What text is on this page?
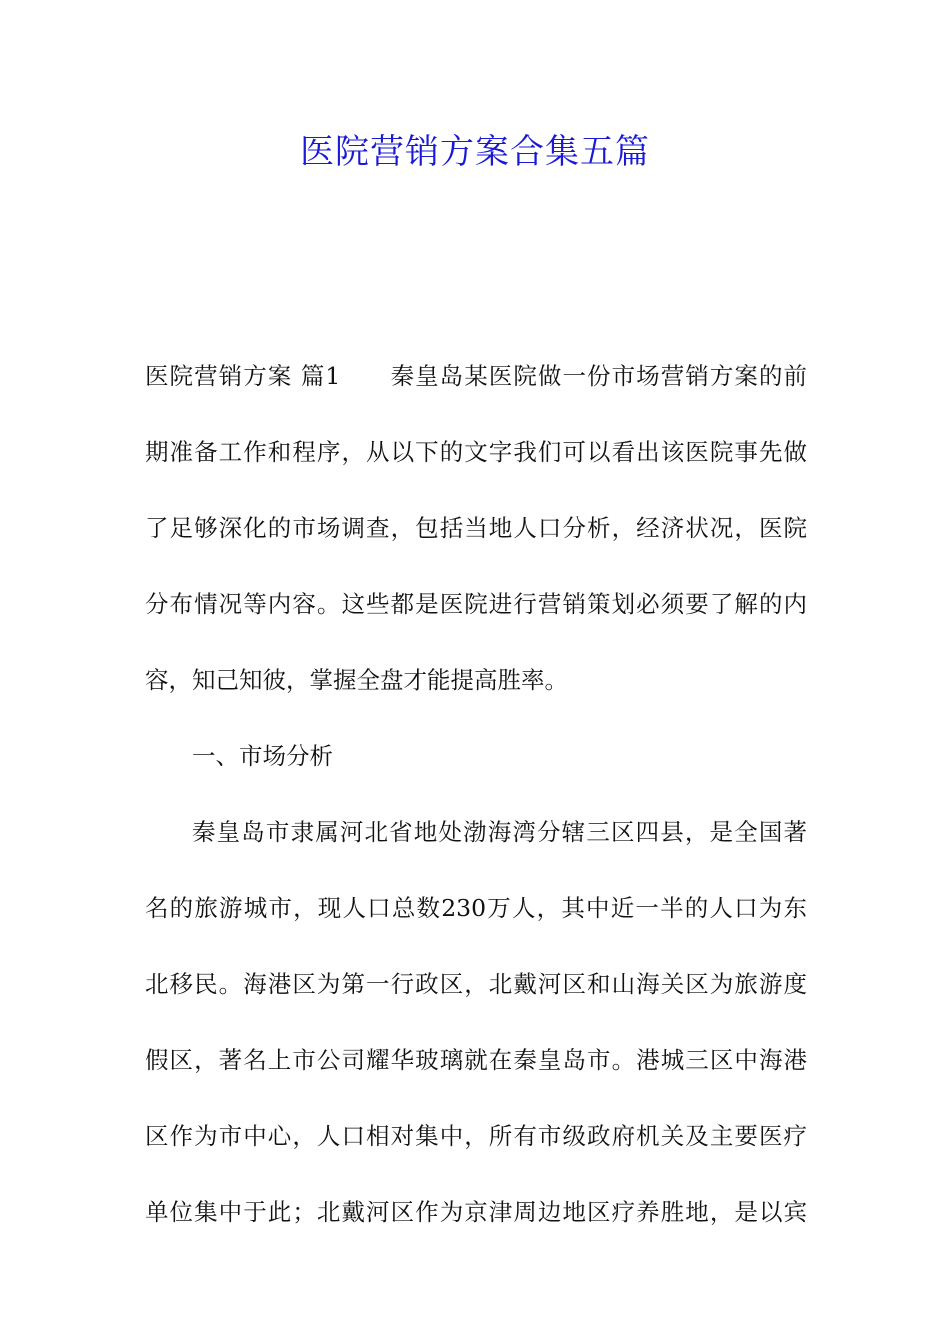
医院营销方案合集五篇
医院营销方案 篇1　　秦皇岛某医院做一份市场营销方案的前
期准备工作和程序，从以下的文字我们可以看出该医院事先做
了足够深化的市场调查，包括当地人口分析，经济状况，医院
分布情况等内容。这些都是医院进行营销策划必须要了解的内
容，知己知彼，掌握全盘才能提高胜率。
一、市场分析
秦皇岛市隶属河北省地处渤海湾分辖三区四县，是全国著
名的旅游城市，现人口总数230万人，其中近一半的人口为东
北移民。海港区为第一行政区，北戴河区和山海关区为旅游度
假区，著名上市公司耀华玻璃就在秦皇岛市。港城三区中海港
区作为市中心，人口相对集中，所有市级政府机关及主要医疗
单位集中于此；北戴河区作为京津周边地区疗养胜地，是以宾
